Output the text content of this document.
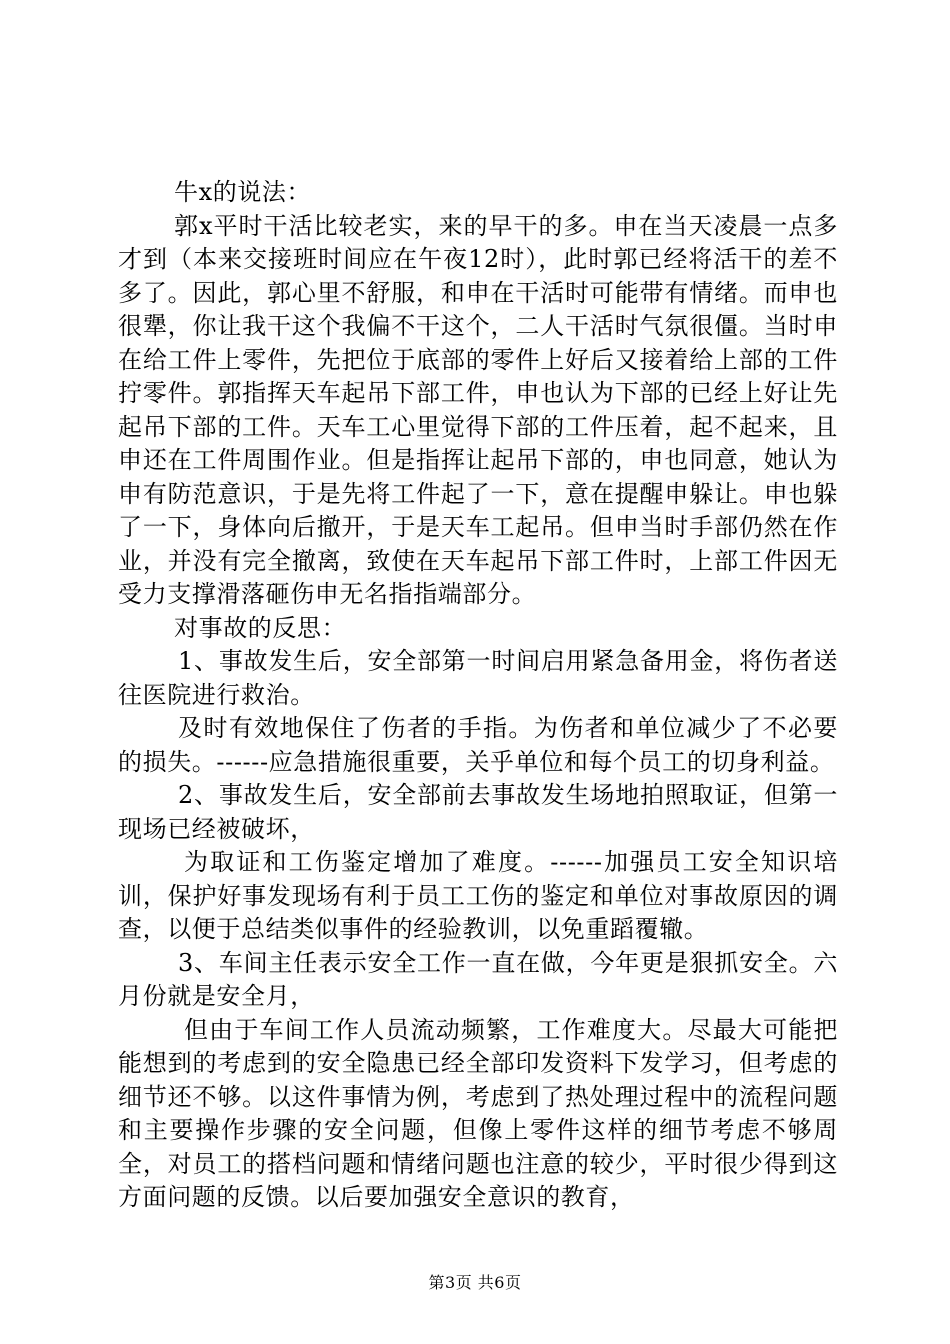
牛x的说法：

郭x平时干活比较老实，来的早干的多。申在当天凌晨一点多才到（本来交接班时间应在午夜12时），此时郭已经将活干的差不多了。因此，郭心里不舒服，和申在干活时可能带有情绪。而申也很犟，你让我干这个我偏不干这个，二人干活时气氛很僵。当时申在给工件上零件，先把位于底部的零件上好后又接着给上部的工件拧零件。郭指挥天车起吊下部工件，申也认为下部的已经上好让先起吊下部的工件。天车工心里觉得下部的工件压着，起不起来，且申还在工件周围作业。但是指挥让起吊下部的，申也同意，她认为申有防范意识，于是先将工件起了一下，意在提醒申躲让。申也躲了一下，身体向后撤开，于是天车工起吊。但申当时手部仍然在作业，并没有完全撤离，致使在天车起吊下部工件时，上部工件因无受力支撑滑落砸伤申无名指指端部分。

对事故的反思：

1、事故发生后，安全部第一时间启用紧急备用金，将伤者送往医院进行救治。

及时有效地保住了伤者的手指。为伤者和单位减少了不必要的损失。------应急措施很重要，关乎单位和每个员工的切身利益。

2、事故发生后，安全部前去事故发生场地拍照取证，但第一现场已经被破坏，

为取证和工伤鉴定增加了难度。------加强员工安全知识培训，保护好事发现场有利于员工工伤的鉴定和单位对事故原因的调查，以便于总结类似事件的经验教训，以免重蹈覆辙。

3、车间主任表示安全工作一直在做，今年更是狠抓安全。六月份就是安全月，

但由于车间工作人员流动频繁，工作难度大。尽最大可能把能想到的考虑到的安全隐患已经全部印发资料下发学习，但考虑的细节还不够。以这件事情为例，考虑到了热处理过程中的流程问题和主要操作步骤的安全问题，但像上零件这样的细节考虑不够周全，对员工的搭档问题和情绪问题也注意的较少，平时很少得到这方面问题的反馈。以后要加强安全意识的教育，

第3页 共6页
